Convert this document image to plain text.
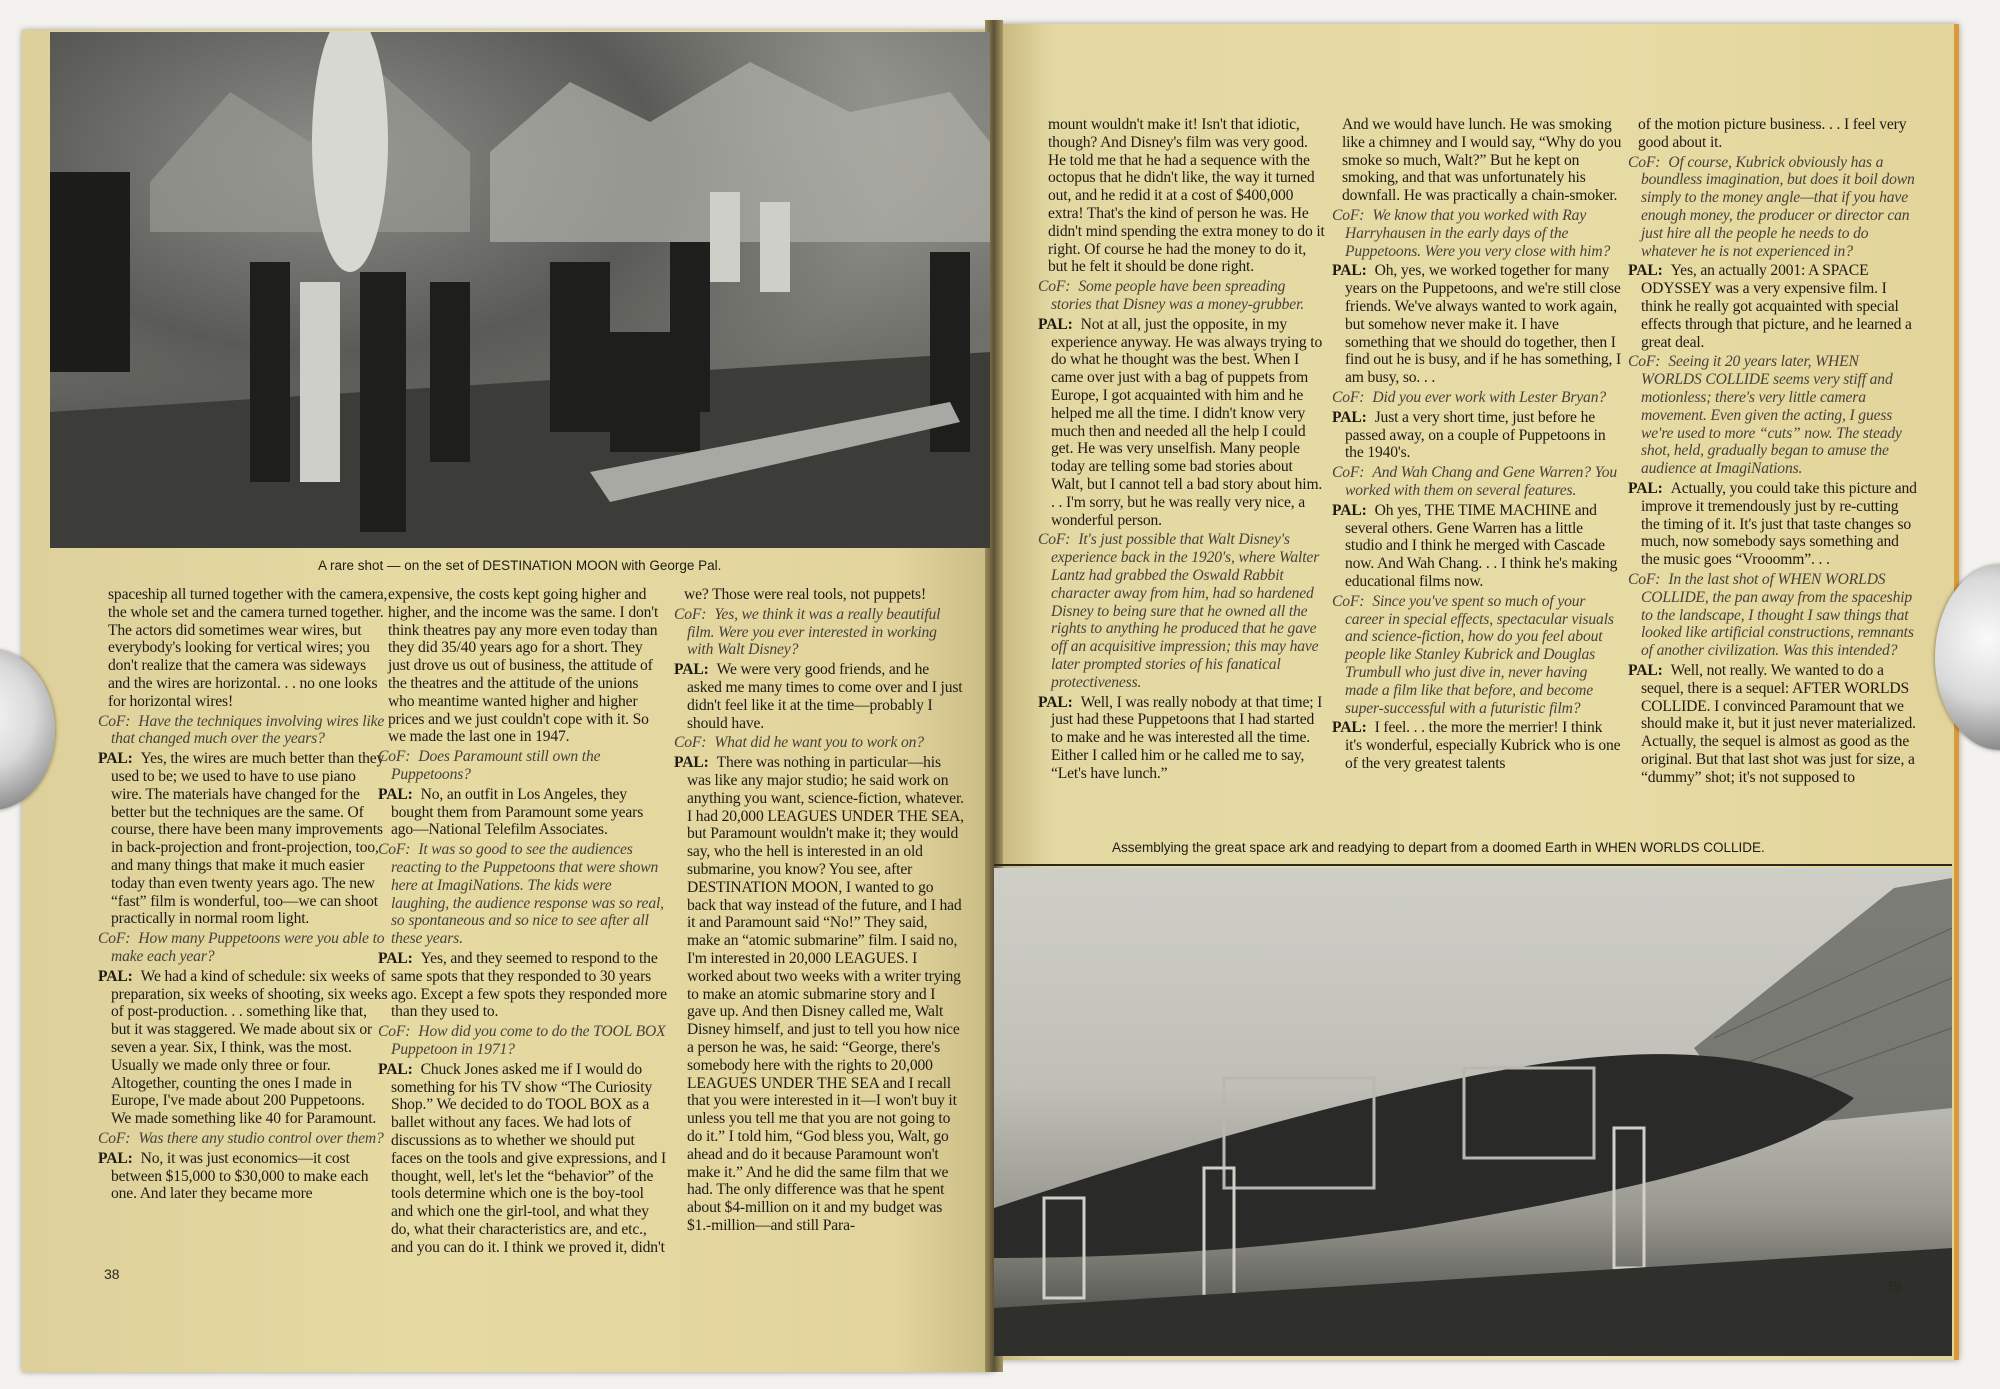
A rare shot — on the set of DESTINATION MOON with George Pal.
Assemblying the great space ark and readying to depart from a doomed Earth in WHEN WORLDS COLLIDE.

spaceship all turned together with the camera, the whole set and the camera turned together. The actors did sometimes wear wires, but everybody's looking for vertical wires; you don't realize that the camera was sideways and the wires are horizontal. . . no one looks for horizontal wires!

CoF: Have the techniques involving wires like that changed much over the years?

PAL: Yes, the wires are much better than they used to be; we used to have to use piano wire. The materials have changed for the better but the techniques are the same. Of course, there have been many improvements in back-projection and front-projection, too, and many things that make it much easier today than even twenty years ago. The new “fast” film is wonderful, too—we can shoot practically in normal room light.

CoF: How many Puppetoons were you able to make each year?

PAL: We had a kind of schedule: six weeks of preparation, six weeks of shooting, six weeks of post-production. . . something like that, but it was staggered. We made about six or seven a year. Six, I think, was the most. Usually we made only three or four. Altogether, counting the ones I made in Europe, I've made about 200 Puppetoons. We made something like 40 for Paramount.

CoF: Was there any studio control over them?

PAL: No, it was just economics—it cost between $15,000 to $30,000 to make each one. And later they became more

expensive, the costs kept going higher and higher, and the income was the same. I don't think theatres pay any more even today than they did 35/40 years ago for a short. They just drove us out of business, the attitude of the theatres and the attitude of the unions who meantime wanted higher and higher prices and we just couldn't cope with it. So we made the last one in 1947.

CoF: Does Paramount still own the Puppetoons?

PAL: No, an outfit in Los Angeles, they bought them from Paramount some years ago—National Telefilm Associates.

CoF: It was so good to see the audiences reacting to the Puppetoons that were shown here at ImagiNations. The kids were laughing, the audience response was so real, so spontaneous and so nice to see after all these years.

PAL: Yes, and they seemed to respond to the same spots that they responded to 30 years ago. Except a few spots they responded more than they used to.

CoF: How did you come to do the TOOL BOX Puppetoon in 1971?

PAL: Chuck Jones asked me if I would do something for his TV show “The Curiosity Shop.” We decided to do TOOL BOX as a ballet without any faces. We had lots of discussions as to whether we should put faces on the tools and give expressions, and I thought, well, let's let the “behavior” of the tools determine which one is the boy-tool and which one the girl-tool, and what they do, what their characteristics are, and etc., and you can do it. I think we proved it, didn't

we? Those were real tools, not puppets!

CoF: Yes, we think it was a really beautiful film. Were you ever interested in working with Walt Disney?

PAL: We were very good friends, and he asked me many times to come over and I just didn't feel like it at the time—probably I should have.

CoF: What did he want you to work on?

PAL: There was nothing in particular—his was like any major studio; he said work on anything you want, science-fiction, whatever. I had 20,000 LEAGUES UNDER THE SEA, but Paramount wouldn't make it; they would say, who the hell is interested in an old submarine, you know? You see, after DESTINATION MOON, I wanted to go back that way instead of the future, and I had it and Paramount said “No!” They said, make an “atomic submarine” film. I said no, I'm interested in 20,000 LEAGUES. I worked about two weeks with a writer trying to make an atomic submarine story and I gave up. And then Disney called me, Walt Disney himself, and just to tell you how nice a person he was, he said: “George, there's somebody here with the rights to 20,000 LEAGUES UNDER THE SEA and I recall that you were interested in it—I won't buy it unless you tell me that you are not going to do it.” I told him, “God bless you, Walt, go ahead and do it because Paramount won't make it.” And he did the same film that we had. The only difference was that he spent about $4-million on it and my budget was $1.-million—and still Para-

mount wouldn't make it! Isn't that idiotic, though? And Disney's film was very good. He told me that he had a sequence with the octopus that he didn't like, the way it turned out, and he redid it at a cost of $400,000 extra! That's the kind of person he was. He didn't mind spending the extra money to do it right. Of course he had the money to do it, but he felt it should be done right.

CoF: Some people have been spreading stories that Disney was a money-grubber.

PAL: Not at all, just the opposite, in my experience anyway. He was always trying to do what he thought was the best. When I came over just with a bag of puppets from Europe, I got acquainted with him and he helped me all the time. I didn't know very much then and needed all the help I could get. He was very unselfish. Many people today are telling some bad stories about Walt, but I cannot tell a bad story about him. . . I'm sorry, but he was really very nice, a wonderful person.

CoF: It's just possible that Walt Disney's experience back in the 1920's, where Walter Lantz had grabbed the Oswald Rabbit character away from him, had so hardened Disney to being sure that he owned all the rights to anything he produced that he gave off an acquisitive impression; this may have later prompted stories of his fanatical protectiveness.

PAL: Well, I was really nobody at that time; I just had these Puppetoons that I had started to make and he was interested all the time. Either I called him or he called me to say, “Let's have lunch.”

And we would have lunch. He was smoking like a chimney and I would say, “Why do you smoke so much, Walt?” But he kept on smoking, and that was unfortunately his downfall. He was practically a chain-smoker.

CoF: We know that you worked with Ray Harryhausen in the early days of the Puppetoons. Were you very close with him?

PAL: Oh, yes, we worked together for many years on the Puppetoons, and we're still close friends. We've always wanted to work again, but somehow never make it. I have something that we should do together, then I find out he is busy, and if he has something, I am busy, so. . .

CoF: Did you ever work with Lester Bryan?

PAL: Just a very short time, just before he passed away, on a couple of Puppetoons in the 1940's.

CoF: And Wah Chang and Gene Warren? You worked with them on several features.

PAL: Oh yes, THE TIME MACHINE and several others. Gene Warren has a little studio and I think he merged with Cascade now. And Wah Chang. . . I think he's making educational films now.

CoF: Since you've spent so much of your career in special effects, spectacular visuals and science-fiction, how do you feel about people like Stanley Kubrick and Douglas Trumbull who just dive in, never having made a film like that before, and become super-successful with a futuristic film?

PAL: I feel. . . the more the merrier! I think it's wonderful, especially Kubrick who is one of the very greatest talents

of the motion picture business. . . I feel very good about it.

CoF: Of course, Kubrick obviously has a boundless imagination, but does it boil down simply to the money angle—that if you have enough money, the producer or director can just hire all the people he needs to do whatever he is not experienced in?

PAL: Yes, an actually 2001: A SPACE ODYSSEY was a very expensive film. I think he really got acquainted with special effects through that picture, and he learned a great deal.

CoF: Seeing it 20 years later, WHEN WORLDS COLLIDE seems very stiff and motionless; there's very little camera movement. Even given the acting, I guess we're used to more “cuts” now. The steady shot, held, gradually began to amuse the audience at ImagiNations.

PAL: Actually, you could take this picture and improve it tremendously just by re-cutting the timing of it. It's just that taste changes so much, now somebody says something and the music goes “Vrooomm”. . .

CoF: In the last shot of WHEN WORLDS COLLIDE, the pan away from the spaceship to the landscape, I thought I saw things that looked like artificial constructions, remnants of another civilization. Was this intended?

PAL: Well, not really. We wanted to do a sequel, there is a sequel: AFTER WORLDS COLLIDE. I convinced Paramount that we should make it, but it just never materialized. Actually, the sequel is almost as good as the original. But that last shot was just for size, a “dummy” shot; it's not supposed to

38
39
